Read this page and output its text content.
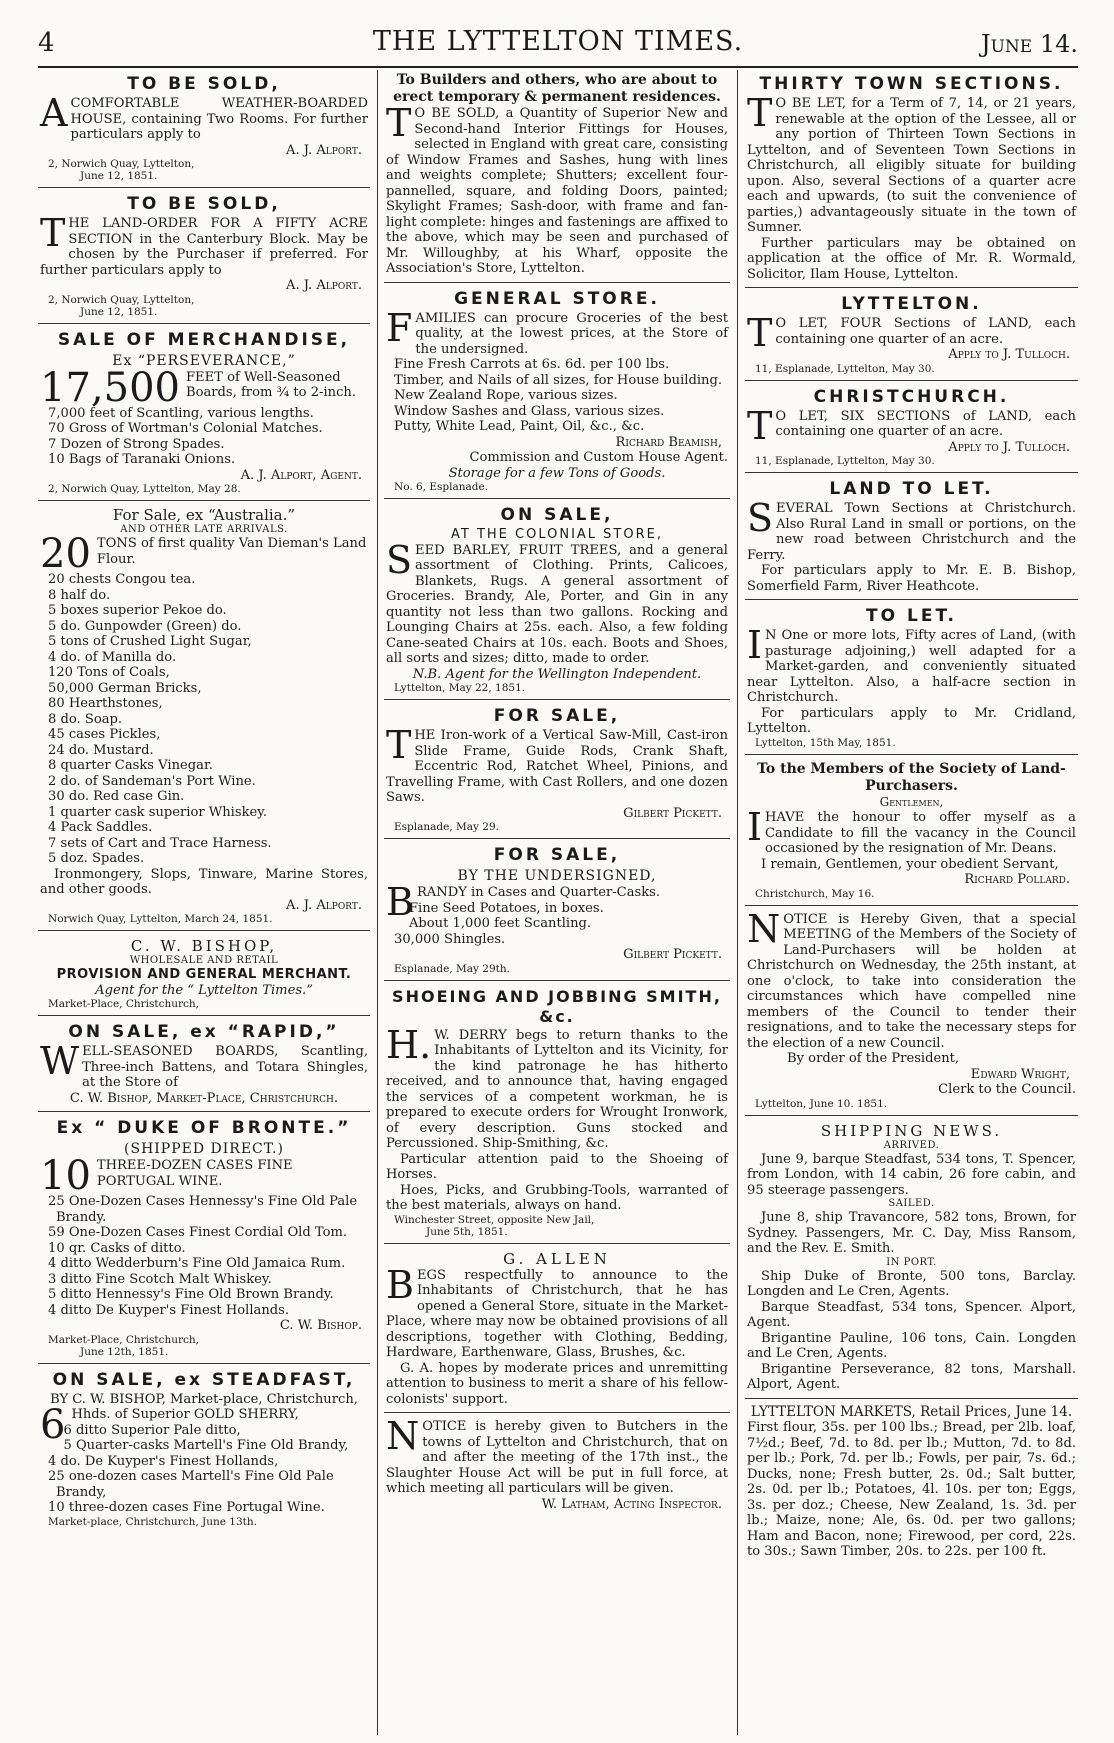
4	THE LYTTELTON TIMES.	June 14.
TO BE SOLD,
ACOMFORTABLE WEATHER-BOARDED HOUSE, containing Two Rooms. For further particulars apply to
A. J. Alport.
2, Norwich Quay, Lyttelton,
June 12, 1851.
TO BE SOLD,
THE LAND-ORDER FOR A FIFTY ACRE SECTION in the Canterbury Block. May be chosen by the Purchaser if preferred. For further particulars apply to
A. J. Alport.
2, Norwich Quay, Lyttelton,
June 12, 1851.
SALE OF MERCHANDISE,
Ex “PERSEVERANCE,”
17,500 FEET of Well-Seasoned Boards, from ¾ to 2-inch.
7,000 feet of Scantling, various lengths.
70 Gross of Wortman's Colonial Matches.
7 Dozen of Strong Spades.
10 Bags of Taranaki Onions.
A. J. Alport, Agent.
2, Norwich Quay, Lyttelton, May 28.
For Sale, ex “Australia.”
AND OTHER LATE ARRIVALS.
20 TONS of first quality Van Dieman's Land Flour.
20 chests Congou tea.
8 half do.
5 boxes superior Pekoe do.
5 do. Gunpowder (Green) do.
5 tons of Crushed Light Sugar,
4 do. of Manilla do.
120 Tons of Coals,
50,000 German Bricks,
80 Hearthstones,
8 do. Soap.
45 cases Pickles,
24 do. Mustard.
8 quarter Casks Vinegar.
2 do. of Sandeman's Port Wine.
30 do. Red case Gin.
1 quarter cask superior Whiskey.
4 Pack Saddles.
7 sets of Cart and Trace Harness.
5 doz. Spades.
Ironmongery, Slops, Tinware, Marine Stores, and other goods.
A. J. Alport.
Norwich Quay, Lyttelton, March 24, 1851.
C. W. BISHOP,
WHOLESALE AND RETAIL
PROVISION AND GENERAL MERCHANT.
Agent for the “ Lyttelton Times.”
Market-Place, Christchurch,
ON SALE, ex “RAPID,”
WELL-SEASONED BOARDS, Scantling, Three-inch Battens, and Totara Shingles, at the Store of
C. W. Bishop, Market-Place, Christchurch.
Ex “ DUKE OF BRONTE.”
(SHIPPED DIRECT.)
10 THREE-DOZEN CASES FINE PORTUGAL WINE.
25 One-Dozen Cases Hennessy's Fine Old Pale Brandy.
59 One-Dozen Cases Finest Cordial Old Tom.
10 qr. Casks of ditto.
4 ditto Wedderburn's Fine Old Jamaica Rum.
3 ditto Fine Scotch Malt Whiskey.
5 ditto Hennessy's Fine Old Brown Brandy.
4 ditto De Kuyper's Finest Hollands.
C. W. Bishop.
Market-Place, Christchurch,
June 12th, 1851.
ON SALE, ex STEADFAST,
BY C. W. BISHOP, Market-place, Christchurch,
6 Hhds. of Superior GOLD SHERRY,
6 ditto Superior Pale ditto,
5 Quarter-casks Martell's Fine Old Brandy,
4 do. De Kuyper's Finest Hollands,
25 one-dozen cases Martell's Fine Old Pale Brandy,
10 three-dozen cases Fine Portugal Wine.
Market-place, Christchurch, June 13th.
To Builders and others, who are about to erect temporary & permanent residences.
T O BE SOLD, a Quantity of Superior New and Second-hand Interior Fittings for Houses, selected in England with great care, consisting of Window Frames and Sashes, hung with lines and weights complete; Shutters; excellent four-pannelled, square, and folding Doors, painted; Skylight Frames; Sash-door, with frame and fan-light complete: hinges and fastenings are affixed to the above, which may be seen and purchased of Mr. Willoughby, at his Wharf, opposite the Association's Store, Lyttelton.
GENERAL STORE.
FAMILIES can procure Groceries of the best quality, at the lowest prices, at the Store of the undersigned.
Fine Fresh Carrots at 6s. 6d. per 100 lbs.
Timber, and Nails of all sizes, for House building.
New Zealand Rope, various sizes.
Window Sashes and Glass, various sizes.
Putty, White Lead, Paint, Oil, &c., &c.
Richard Beamish,
Commission and Custom House Agent.
Storage for a few Tons of Goods.
No. 6, Esplanade.
ON SALE,
AT THE COLONIAL STORE,
SEED BARLEY, FRUIT TREES, and a general assortment of Clothing. Prints, Calicoes, Blankets, Rugs. A general assortment of Groceries. Brandy, Ale, Porter, and Gin in any quantity not less than two gallons. Rocking and Lounging Chairs at 25s. each. Also, a few folding Cane-seated Chairs at 10s. each. Boots and Shoes, all sorts and sizes; ditto, made to order.
N.B. Agent for the Wellington Independent.
Lyttelton, May 22, 1851.
FOR SALE,
THE Iron-work of a Vertical Saw-Mill, Cast-iron Slide Frame, Guide Rods, Crank Shaft, Eccentric Rod, Ratchet Wheel, Pinions, and Travelling Frame, with Cast Rollers, and one dozen Saws.
Gilbert Pickett.
Esplanade, May 29.
FOR SALE,
BY THE UNDERSIGNED,
BRANDY in Cases and Quarter-Casks.
Fine Seed Potatoes, in boxes.
About 1,000 feet Scantling.
30,000 Shingles.
Gilbert Pickett.
Esplanade, May 29th.
SHOEING AND JOBBING SMITH, &c.
H. W. DERRY begs to return thanks to the Inhabitants of Lyttelton and its Vicinity, for the kind patronage he has hitherto received, and to announce that, having engaged the services of a competent workman, he is prepared to execute orders for Wrought Ironwork, of every description. Guns stocked and Percussioned. Ship-Smithing, &c.
Particular attention paid to the Shoeing of Horses.
Hoes, Picks, and Grubbing-Tools, warranted of the best materials, always on hand.
Winchester Street, opposite New Jail,
June 5th, 1851.
G. ALLEN
BEGS respectfully to announce to the Inhabitants of Christchurch, that he has opened a General Store, situate in the Market-Place, where may now be obtained provisions of all descriptions, together with Clothing, Bedding, Hardware, Earthenware, Glass, Brushes, &c.
G. A. hopes by moderate prices and unremitting attention to business to merit a share of his fellow-colonists' support.
NOTICE is hereby given to Butchers in the towns of Lyttelton and Christchurch, that on and after the meeting of the 17th inst., the Slaughter House Act will be put in full force, at which meeting all particulars will be given.
W. Latham, Acting Inspector.
THIRTY TOWN SECTIONS.
T O BE LET, for a Term of 7, 14, or 21 years, renewable at the option of the Lessee, all or any portion of Thirteen Town Sections in Lyttelton, and of Seventeen Town Sections in Christchurch, all eligibly situate for building upon. Also, several Sections of a quarter acre each and upwards, (to suit the convenience of parties,) advantageously situate in the town of Sumner.
Further particulars may be obtained on application at the office of Mr. R. Wormald, Solicitor, Ilam House, Lyttelton.
LYTTELTON.
T O LET, FOUR Sections of LAND, each containing one quarter of an acre.
Apply to J. Tulloch.
11, Esplanade, Lyttelton, May 30.
CHRISTCHURCH.
T O LET, SIX SECTIONS of LAND, each containing one quarter of an acre.
Apply to J. Tulloch.
11, Esplanade, Lyttelton, May 30.
LAND TO LET.
SEVERAL Town Sections at Christchurch. Also Rural Land in small or portions, on the new road between Christchurch and the Ferry.
For particulars apply to Mr. E. B. Bishop, Somerfield Farm, River Heathcote.
TO LET.
I N One or more lots, Fifty acres of Land, (with pasturage adjoining,) well adapted for a Market-garden, and conveniently situated near Lyttelton. Also, a half-acre section in Christchurch.
For particulars apply to Mr. Cridland, Lyttelton.
Lyttelton, 15th May, 1851.
To the Members of the Society of Land-Purchasers.
Gentlemen,
IHAVE the honour to offer myself as a Candidate to fill the vacancy in the Council occasioned by the resignation of Mr. Deans.
I remain, Gentlemen, your obedient Servant,
Richard Pollard.
Christchurch, May 16.
NOTICE is Hereby Given, that a special MEETING of the Members of the Society of Land-Purchasers will be holden at Christchurch on Wednesday, the 25th instant, at one o'clock, to take into consideration the circumstances which have compelled nine members of the Council to tender their resignations, and to take the necessary steps for the election of a new Council.
By order of the President,
Edward Wright,
Clerk to the Council.
Lyttelton, June 10. 1851.
SHIPPING NEWS.
ARRIVED.
June 9, barque Steadfast, 534 tons, T. Spencer, from London, with 14 cabin, 26 fore cabin, and 95 steerage passengers.
SAILED.
June 8, ship Travancore, 582 tons, Brown, for Sydney. Passengers, Mr. C. Day, Miss Ransom, and the Rev. E. Smith.
IN PORT.
Ship Duke of Bronte, 500 tons, Barclay. Longden and Le Cren, Agents.
Barque Steadfast, 534 tons, Spencer. Alport, Agent.
Brigantine Pauline, 106 tons, Cain. Longden and Le Cren, Agents.
Brigantine Perseverance, 82 tons, Marshall. Alport, Agent.
LYTTELTON MARKETS, Retail Prices, June 14.
First flour, 35s. per 100 lbs.; Bread, per 2lb. loaf, 7½d.; Beef, 7d. to 8d. per lb.; Mutton, 7d. to 8d. per lb.; Pork, 7d. per lb.; Fowls, per pair, 7s. 6d.; Ducks, none; Fresh butter, 2s. 0d.; Salt butter, 2s. 0d. per lb.; Potatoes, 4l. 10s. per ton; Eggs, 3s. per doz.; Cheese, New Zealand, 1s. 3d. per lb.; Maize, none; Ale, 6s. 0d. per two gallons; Ham and Bacon, none; Firewood, per cord, 22s. to 30s.; Sawn Timber, 20s. to 22s. per 100 ft.
